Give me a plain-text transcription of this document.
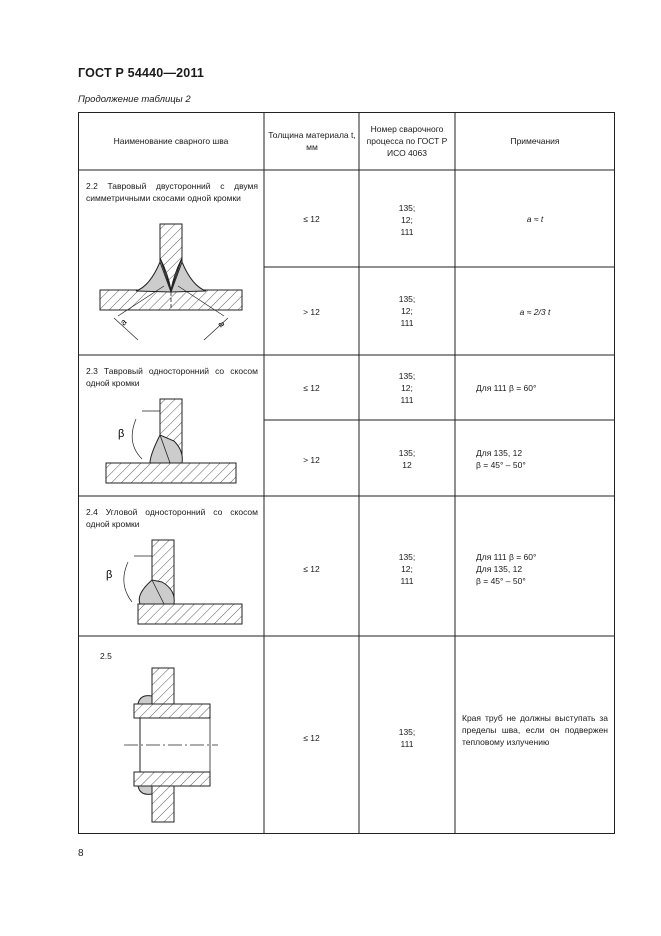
ГОСТ Р 54440—2011
Продолжение таблицы 2
Наименование сварного шва
Толщина материала t, мм
Номер сварочного процесса по ГОСТ Р ИСО 4063
Примечания
2.2 Тавровый двусторонний с двумя симметричными скосами одной кромки
≤ 12
135;
12;
111
a ≈ t
> 12
135;
12;
111
a ≈ 2/3 t
2.3 Тавровый односторонний со скосом одной кромки	≤ 12
135;
12;
111
Для 111 β = 60°
> 12
135;
12
Для 135, 12
β = 45° – 50°
2.4 Угловой односторонний со скосом одной кромки
≤ 12
135;
12;
111
Для 111 β = 60°
Для 135, 12
β = 45° – 50°
2.5
≤ 12
135;
111
Края труб не должны выступать за пределы шва, если он подвержен тепловому излучению
a	a
β
β
8
